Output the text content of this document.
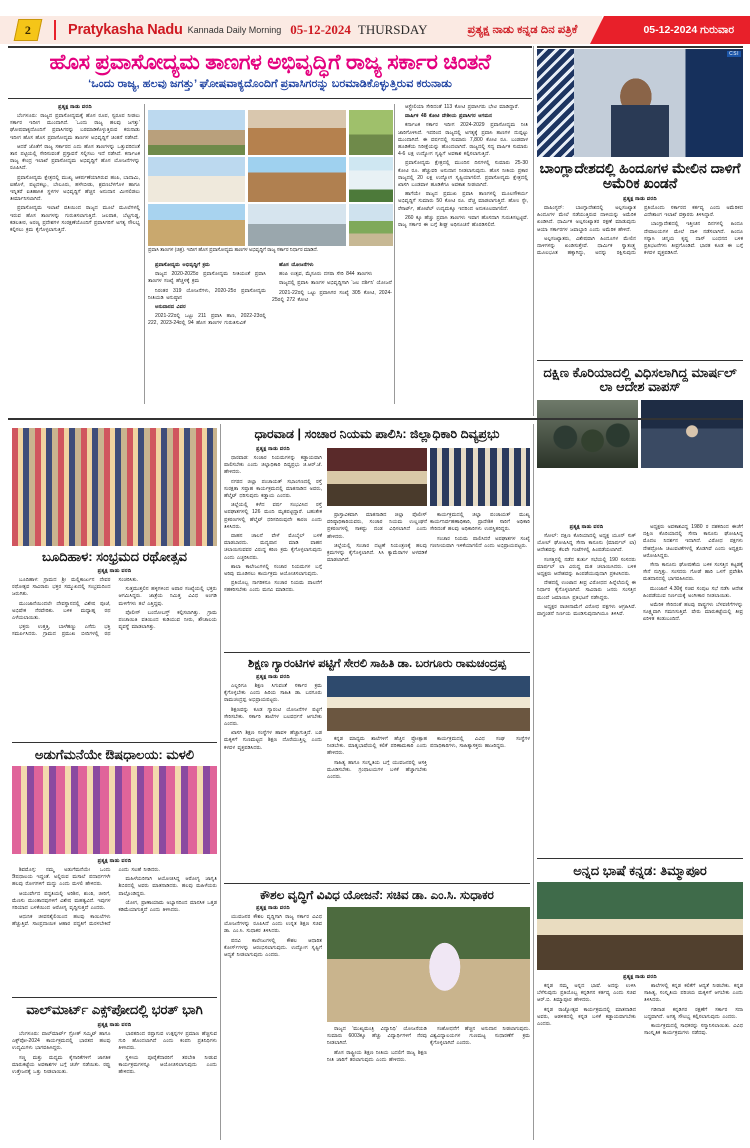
2	Pratykasha Nadu Kannada Daily Morning 05-12-2024 THURSDAY	ಪ್ರತ್ಯಕ್ಷ ನಾಡು ಕನ್ನಡ ದಿನ ಪತ್ರಿಕೆ	05-12-2024 ಗುರುವಾರ
ಹೊಸ ಪ್ರವಾಸೋದ್ಯಮ ತಾಣಗಳ ಅಭಿವೃದ್ಧಿಗೆ ರಾಜ್ಯ ಸರ್ಕಾರ ಚಿಂತನೆ
‘ಒಂದು ರಾಜ್ಯ, ಹಲವು ಜಗತ್ತು’ ಘೋಷವಾಕ್ಯದೊಂದಿಗೆ ಪ್ರವಾಸಿಗರನ್ನು ಬರಮಾಡಿಕೊಳ್ಳುತ್ತಿರುವ ಕರುನಾಡು
ಪ್ರತ್ಯಕ್ಷ ನಾಡು ವರದಿ

ಬೆಂಗಳೂರು: ರಾಜ್ಯದ ಪ್ರವಾಸೋದ್ಯಮಕ್ಕೆ ಹೊಸ ರೂಪ, ಸ್ವರೂಪ ನೀಡಲು ಸರ್ಕಾರ ಇದೀಗ ಮುಂದಾಗಿದೆ. ‘ಒಂದು ರಾಜ್ಯ ಹಲವು ಜಗತ್ತು’ ಘೋಷವಾಕ್ಯದೊಂದಿಗೆ ಪ್ರವಾಸಿಗರನ್ನು ಬರಮಾಡಿಕೊಳ್ಳುತ್ತಿರುವ ಕರುನಾಡು ಇದೀಗ ಹೊಸ ಹೊಸ ಪ್ರವಾಸೋದ್ಯಮ ತಾಣಗಳ ಅಭಿವೃದ್ಧಿಗೆ ಚಿಂತನೆ ನಡೆಸಿದೆ.

ಆದರೆ ಜೊತೆಗೆ ರಾಜ್ಯ ಸರ್ಕಾರದ ಎದು ಹೊಸ ತಾಣಗಳನ್ನು ಒತ್ತುವರಿದಂತೆ ತಾನ ಪಟ್ಟಿಯಲ್ಲಿ ಸೇರಿಸುವಂತೆ ಪ್ರಸ್ತಾವನೆ ಸಲ್ಲಿಸಲು ಇದೆ ನಡೆಸಿದೆ. ಕರ್ನಾಟಕ ರಾಜ್ಯ ಕೇಂದ್ರ ಇಲಾಖೆ ಪ್ರವಾಸೋದ್ಯಮ ಅಭಿವೃದ್ಧಿಗೆ ಹೊಸ ಯೋಜನೆಗಳನ್ನು ರೂಪಿಸಿದೆ.

ಪ್ರವಾಸೋದ್ಯಮ ಕ್ಷೇತ್ರದಲ್ಲಿ ಮುಖ್ಯ ಆಕರ್ಷಣೆಯಾಗಿರುವ ಹಂಪಿ, ಬಾದಾಮಿ, ಐಹೊಳೆ, ಪಟ್ಟದಕಲ್ಲು, ಬೇಲೂರು, ಹಳೇಬೀಡು, ಶ್ರವಣಬೆಳಗೊಳ ಹಾಗೂ ಇನ್ನಿತರೆ ಐತಿಹಾಸಿಕ ಸ್ಥಳಗಳ ಅಭಿವೃದ್ಧಿಗೆ ಹೆಚ್ಚಿನ ಅನುದಾನ ಮೀಸಲಿಡಲು ತೀರ್ಮಾನಿಸಲಾಗಿದೆ.

ಪ್ರವಾಸೋದ್ಯಮ ಇಲಾಖೆ ವತಿಯಿಂದ ರಾಜ್ಯದ ಮೂಲೆ ಮೂಲೆಗಳಲ್ಲಿ ಇರುವ ಹೊಸ ತಾಣಗಳನ್ನು ಗುರುತಿಸಲಾಗುತ್ತಿದೆ. ಜಲಪಾತ, ಬೆಟ್ಟಗುಡ್ಡ, ಕಡಲತೀರ, ಅರಣ್ಯ ಪ್ರದೇಶಗಳ ಸಂರಕ್ಷಣೆಯೊಂದಿಗೆ ಪ್ರವಾಸಿಗರಿಗೆ ಅಗತ್ಯ ಸೌಲಭ್ಯ ಕಲ್ಪಿಸಲು ಕ್ರಮ ಕೈಗೊಳ್ಳಲಾಗುತ್ತಿದೆ.

ಪ್ರವಾಸಿ ತಾಣಗಳ (ಚಿತ್ರ). ಇದೀಗ ಹೊಸ ಪ್ರವಾಸೋದ್ಯಮ ತಾಣಗಳ ಅಭಿವೃದ್ಧಿಗೆ ರಾಜ್ಯ ಸರ್ಕಾರ ನಿರ್ಧಾರ ಮಾಡಿದೆ.

ಪ್ರವಾಸೋದ್ಯಮ ಅಭಿವೃದ್ಧಿಗೆ ಕ್ರಮ

ರಾಜ್ಯದ 2020-2025ರ ಪ್ರವಾಸೋದ್ಯಮ ನೀತಿಯಂತೆ ಪ್ರವಾಸಿ ತಾಣಗಳ ಸಂಖ್ಯೆ ಹೆಚ್ಚಳಕ್ಕೆ ಕ್ರಮ

ನಿರಂತರ 319 ಯೋಜನೆಗಳು, 2020-25ರ ಪ್ರವಾಸೋದ್ಯಮ ನೀತಿಯಡಿ ಅನುಷ್ಠಾನ

ಅನುದಾನದ ವಿವರ

2021-22ರಲ್ಲಿ ಒಟ್ಟು 211 ಪ್ರವಾಸಿ ತಾಣ, 2022-23ರಲ್ಲಿ 222, 2023-24ರಲ್ಲಿ 94 ಹೊಸ ತಾಣಗಳ ಗುರುತಿಸುವಿಕೆ

ಹೊಸ ಯೋಜನೆಗಳು

ಹಂಪಿ ಉತ್ಸವ, ಮೈಸೂರು ದಸರಾ ಸೇರಿ 844 ತಾಣಗಳು

ರಾಜ್ಯದಲ್ಲಿ ಪ್ರವಾಸಿ ತಾಣಗಳ ಅಭಿವೃದ್ಧಿಗಾಗಿ ‘ಜಲ ದರ್ಶಿನಿ’ ಯೋಜನೆ

2021-22ರಲ್ಲಿ ಒಟ್ಟು ಪ್ರವಾಸಿಗರ ಸಂಖ್ಯೆ 305 ಕೋಟಿ, 2024-25ರಲ್ಲಿ 272 ಕೋಟಿ

ಆಸ್ಟ್ರೇಲಿಯಾ ಸೇರಿದಂತೆ 113 ಕೋಟಿ ಪ್ರವಾಸಿಗರು ಭೇಟಿ ಮಾಡಿದ್ದಾರೆ.

ವಾರ್ಷಿಕ 48 ಕೋಟಿ ದೇಶೀಯ ಪ್ರವಾಸಿಗರ ಆಗಮನ

ಕರ್ನಾಟಕ ಸರ್ಕಾರ ಇದೀಗ 2024-2029 ಪ್ರವಾಸೋದ್ಯಮ ನೀತಿ ಜಾರಿಗೊಳಿಸಿದೆ. ಇದರಿಂದ ರಾಜ್ಯದಲ್ಲಿ ಅಗತ್ಯಕ್ಕೆ ಪ್ರವಾಸಿ ತಾಣಗಳ ದುಪ್ಪಟ್ಟು ಮುಂದಾಗಿದೆ. ಈ ವರ್ಷದಲ್ಲಿ ಸುಮಾರು 7,800 ಕೋಟಿ ರೂ. ಬಂಡವಾಳ ಹೂಡಿಕೆಯ ನಿರೀಕ್ಷೆಯನ್ನು ಹೊಂದಲಾಗಿದೆ. ರಾಜ್ಯದಲ್ಲಿ ಸದ್ಯ ವಾರ್ಷಿಕ ಸುಮಾರು 4-6 ಲಕ್ಷ ಉದ್ಯೋಗ ಸೃಷ್ಟಿಗೆ ಅವಕಾಶ ಕಲ್ಪಿಸಲಾಗುತ್ತಿದೆ.

ಪ್ರವಾಸೋದ್ಯಮ ಕ್ಷೇತ್ರದಲ್ಲಿ ಮುಂದಿನ ದಿನಗಳಲ್ಲಿ ಸುಮಾರು 25-30 ಕೋಟಿ ರೂ. ಹೆಚ್ಚುವರಿ ಅನುದಾನ ನೀಡಲಾಗುವುದು. ಹೊಸ ನೀತಿಯ ಪ್ರಕಾರ ರಾಜ್ಯದಲ್ಲಿ 20 ಲಕ್ಷ ಉದ್ಯೋಗ ಸೃಷ್ಟಿಯಾಗಲಿದೆ. ಪ್ರವಾಸೋದ್ಯಮ ಕ್ಷೇತ್ರದಲ್ಲಿ ಖಾಸಗಿ ಬಂಡವಾಳ ಹೂಡಿಕೆಗೂ ಅವಕಾಶ ನೀಡಲಾಗಿದೆ.

ಹಾಗೆಯೇ ರಾಜ್ಯದ ಪ್ರಮುಖ ಪ್ರವಾಸಿ ತಾಣಗಳಲ್ಲಿ ಮೂಲಸೌಕರ್ಯ ಅಭಿವೃದ್ಧಿಗೆ ಸುಮಾರು 50 ಕೋಟಿ ರೂ. ವೆಚ್ಚ ಮಾಡಲಾಗುತ್ತಿದೆ. ಹೋಂ ಸ್ಟೇ, ರೆಸಾರ್ಟ್, ಹೋಟೆಲ್ ಉದ್ಯಮಕ್ಕೂ ಇದರಿಂದ ಅನುಕೂಲವಾಗಲಿದೆ.

260 ಕ್ಕೂ ಹೆಚ್ಚು ಪ್ರವಾಸಿ ತಾಣಗಳು ಇವಾಗ ಹೊಸದಾಗಿ ಗುರುತಿಸಲ್ಪಟ್ಟಿವೆ. ರಾಜ್ಯ ಸರ್ಕಾರ ಈ ಬಗ್ಗೆ ಶೀಘ್ರ ಅಧಿಸೂಚನೆ ಹೊರಡಿಸಲಿದೆ.

CSI
ಬಾಂಗ್ಲಾದೇಶದಲ್ಲಿ ಹಿಂದೂಗಳ ಮೇಲಿನ ದಾಳಿಗೆ ಅಮೆರಿಕ ಖಂಡನೆ
ಪ್ರತ್ಯಕ್ಷ ನಾಡು ವರದಿ

ವಾಷಿಂಗ್ಟನ್: ಬಾಂಗ್ಲಾದೇಶದಲ್ಲಿ ಅಲ್ಪಸಂಖ್ಯಾತ ಹಿಂದೂಗಳ ಮೇಲೆ ನಡೆಯುತ್ತಿರುವ ದಾಳಿಯನ್ನು ಅಮೆರಿಕ ಖಂಡಿಸಿದೆ. ಧಾರ್ಮಿಕ ಅಲ್ಪಸಂಖ್ಯಾತರ ರಕ್ಷಣೆ ಮಾಡುವುದು ಆಯಾ ಸರ್ಕಾರಗಳ ಜವಾಬ್ದಾರಿ ಎಂದು ಅಮೆರಿಕ ಹೇಳಿದೆ.

ಅಲ್ಪಸಂಖ್ಯಾತರು, ವಿಶೇಷವಾಗಿ ಹಿಂದೂಗಳ ಮೇಲಿನ ದಾಳಿಗಳನ್ನು ಖಂಡಿಸುತ್ತೇವೆ. ಧಾರ್ಮಿಕ ಸ್ವಾತಂತ್ರ್ಯ ಮೂಲಭೂತ ಹಕ್ಕಾಗಿದ್ದು, ಅದನ್ನು ರಕ್ಷಿಸುವುದು ಪ್ರತಿಯೊಂದು ಸರ್ಕಾರದ ಕರ್ತವ್ಯ ಎಂದು ಅಮೆರಿಕದ ವಿದೇಶಾಂಗ ಇಲಾಖೆ ವಕ್ತಾರರು ತಿಳಿಸಿದ್ದಾರೆ.

ಬಾಂಗ್ಲಾದೇಶದಲ್ಲಿ ಇತ್ತೀಚಿನ ದಿನಗಳಲ್ಲಿ ಹಿಂದೂ ದೇವಾಲಯಗಳ ಮೇಲೆ ದಾಳಿ ನಡೆಸಲಾಗಿದೆ. ಹಿಂದೂ ಸನ್ಯಾಸಿ ಚಿನ್ಮಯ ಕೃಷ್ಣ ದಾಸ್ ಬಂಧನದ ಬಳಿಕ ಪ್ರತಿಭಟನೆಗಳು ತೀವ್ರಗೊಂಡಿವೆ. ಭಾರತ ಕೂಡ ಈ ಬಗ್ಗೆ ಕಳವಳ ವ್ಯಕ್ತಪಡಿಸಿದೆ.

ದಕ್ಷಿಣ ಕೊರಿಯಾದಲ್ಲಿ ವಿಧಿಸಲಾಗಿದ್ದ ಮಾರ್ಷಲ್ ಲಾ ಆದೇಶ ವಾಪಸ್
ಪ್ರತ್ಯಕ್ಷ ನಾಡು ವರದಿ

ಸೋಲ್: ದಕ್ಷಿಣ ಕೊರಿಯಾದಲ್ಲಿ ಅಧ್ಯಕ್ಷ ಯೂನ್ ಸುಕ್ ಯೋಲ್ ಘೋಷಿಸಿದ್ದ ಸೇನಾ ಕಾನೂನು (ಮಾರ್ಷಲ್ ಲಾ) ಆದೇಶವನ್ನು ಕೆಲವೇ ಗಂಟೆಗಳಲ್ಲಿ ಹಿಂಪಡೆಯಲಾಗಿದೆ.

ಸಂಸತ್ತಿನಲ್ಲಿ ನಡೆದ ತುರ್ತು ಸಭೆಯಲ್ಲಿ 190 ಸಂಸದರು ಮಾರ್ಷಲ್ ಲಾ ವಿರುದ್ಧ ಮತ ಚಲಾಯಿಸಿದರು. ಬಳಿಕ ಅಧ್ಯಕ್ಷರು ಆದೇಶವನ್ನು ಹಿಂಪಡೆಯುವುದಾಗಿ ಪ್ರಕಟಿಸಿದರು.

ದೇಶದಲ್ಲಿ ಉಂಟಾದ ತೀವ್ರ ವಿರೋಧದ ಹಿನ್ನೆಲೆಯಲ್ಲಿ ಈ ನಿರ್ಧಾರ ಕೈಗೊಳ್ಳಲಾಗಿದೆ. ಸಾವಿರಾರು ಜನರು ಸಂಸತ್ತಿನ ಮುಂದೆ ಜಮಾಯಿಸಿ ಪ್ರತಿಭಟನೆ ನಡೆಸಿದ್ದರು.

ಅಧ್ಯಕ್ಷರ ರಾಜೀನಾಮೆಗೆ ವಿರೋಧ ಪಕ್ಷಗಳು ಆಗ್ರಹಿಸಿವೆ. ವಾಗ್ದಂಡನೆ ನಿರ್ಣಯ ಮಂಡಿಸುವುದಾಗಿಯೂ ತಿಳಿಸಿವೆ.

ಅಧ್ಯಕ್ಷರು ಅವಕಾಶವಿದ್ದ 1980 ರ ದಶಕದಿಂದ ಈಚೆಗೆ ದಕ್ಷಿಣ ಕೊರಿಯಾದಲ್ಲಿ ಸೇನಾ ಕಾನೂನು ಘೋಷಿಸಿದ್ದ ಮೊದಲ ನಿದರ್ಶನ ಇದಾಗಿದೆ. ವಿರೋಧ ಪಕ್ಷಗಳು ದೇಶದ್ರೋಹಿ ಚಟುವಟಿಕೆಗಳಲ್ಲಿ ತೊಡಗಿವೆ ಎಂದು ಅಧ್ಯಕ್ಷರು ಆರೋಪಿಸಿದ್ದರು.

ಸೇನಾ ಕಾನೂನು ಘೋಷಣೆಯ ಬಳಿಕ ಸಂಸತ್ತಿನ ಕಟ್ಟಡಕ್ಕೆ ಸೇನೆ ನುಗ್ಗಿತ್ತು. ಸಂಸದರು ಗೋಡೆ ಹಾರಿ ಒಳಗೆ ಪ್ರವೇಶಿಸಿ ಮತದಾನದಲ್ಲಿ ಭಾಗವಹಿಸಿದರು.

ಮುಂಜಾನೆ 4.30ಕ್ಕೆ ಸಚಿವ ಸಂಪುಟ ಸಭೆ ನಡೆಸಿ ಆದೇಶ ಹಿಂಪಡೆಯುವ ನಿರ್ಣಯಕ್ಕೆ ಅಂಗೀಕಾರ ನೀಡಲಾಯಿತು.

ಅಮೆರಿಕ ಸೇರಿದಂತೆ ಹಲವು ರಾಷ್ಟ್ರಗಳು ಬೆಳವಣಿಗೆಗಳನ್ನು ಸೂಕ್ಷ್ಮವಾಗಿ ಗಮನಿಸುತ್ತಿವೆ. ಷೇರು ಮಾರುಕಟ್ಟೆಯಲ್ಲಿ ತೀವ್ರ ಏರಿಳಿತ ಕಂಡುಬಂದಿದೆ.

ಧಾರವಾಡ | ಸಂಚಾರ ನಿಯಮ ಪಾಲಿಸಿ: ಜಿಲ್ಲಾಧಿಕಾರಿ ದಿವ್ಯಪ್ರಭು
ಪ್ರತ್ಯಕ್ಷ ನಾಡು ವರದಿ

ಧಾರವಾಡ: ಸಂಚಾರ ನಿಯಮಗಳನ್ನು ಕಡ್ಡಾಯವಾಗಿ ಪಾಲಿಸಬೇಕು ಎಂದು ಜಿಲ್ಲಾಧಿಕಾರಿ ದಿವ್ಯಪ್ರಭು ಜಿ.ಆರ್.ಜೆ. ಹೇಳಿದರು.

ನಗರದ ಜಿಲ್ಲಾ ಪಂಚಾಯತ್ ಸಭಾಂಗಣದಲ್ಲಿ ರಸ್ತೆ ಸುರಕ್ಷತಾ ಸಪ್ತಾಹ ಕಾರ್ಯಕ್ರಮದಲ್ಲಿ ಮಾತನಾಡಿದ ಅವರು, ಹೆಲ್ಮೆಟ್ ಧರಿಸುವುದು ಕಡ್ಡಾಯ ಎಂದರು.

ಜಿಲ್ಲೆಯಲ್ಲಿ ಕಳೆದ ವರ್ಷ ಸಂಭವಿಸಿದ ರಸ್ತೆ ಅಪಘಾತಗಳಲ್ಲಿ 126 ಮಂದಿ ಮೃತಪಟ್ಟಿದ್ದಾರೆ. ಬಹುತೇಕ ಪ್ರಕರಣಗಳಲ್ಲಿ ಹೆಲ್ಮೆಟ್ ಧರಿಸದಿರುವುದೇ ಕಾರಣ ಎಂದು ತಿಳಿಸಿದರು.

ವಾಹನ ಚಾಲನೆ ವೇಳೆ ಮೊಬೈಲ್ ಬಳಕೆ ಮಾಡಬಾರದು. ಮದ್ಯಪಾನ ಮಾಡಿ ವಾಹನ ಚಲಾಯಿಸುವವರ ವಿರುದ್ಧ ಕಠಿಣ ಕ್ರಮ ಕೈಗೊಳ್ಳಲಾಗುವುದು ಎಂದು ಎಚ್ಚರಿಸಿದರು.

ಶಾಲಾ ಕಾಲೇಜುಗಳಲ್ಲಿ ಸಂಚಾರ ನಿಯಮಗಳ ಬಗ್ಗೆ ಅರಿವು ಮೂಡಿಸಲು ಕಾರ್ಯಕ್ರಮ ಆಯೋಜಿಸಲಾಗುವುದು.

ಪ್ರತಿಯೊಬ್ಬ ನಾಗರಿಕನೂ ಸಂಚಾರ ನಿಯಮ ಪಾಲನೆಗೆ ಸಹಕರಿಸಬೇಕು ಎಂದು ಮನವಿ ಮಾಡಿದರು.

ಪ್ರಾಸ್ತಾವಿಕವಾಗಿ ಮಾತನಾಡಿದ ಜಿಲ್ಲಾ ಪೊಲೀಸ್ ವರಿಷ್ಠಾಧಿಕಾರಿಯವರು, ಸಂಚಾರ ನಿಯಮ ಉಲ್ಲಂಘನೆ ಪ್ರಕರಣಗಳಲ್ಲಿ ಸಾಕಷ್ಟು ದಂಡ ವಿಧಿಸಲಾಗಿದೆ ಎಂದು ಹೇಳಿದರು.

ಜಿಲ್ಲೆಯಲ್ಲಿ ಸಂಚಾರ ದಟ್ಟಣೆ ನಿಯಂತ್ರಣಕ್ಕೆ ಹಲವು ಕ್ರಮಗಳನ್ನು ಕೈಗೊಳ್ಳಲಾಗಿದೆ. ಸಿಸಿ ಕ್ಯಾಮೆರಾಗಳ ಅಳವಡಿಕೆ ಮಾಡಲಾಗಿದೆ.

ಕಾರ್ಯಕ್ರಮದಲ್ಲಿ ಜಿಲ್ಲಾ ಪಂಚಾಯತ್ ಮುಖ್ಯ ಕಾರ್ಯನಿರ್ವಹಣಾಧಿಕಾರಿ, ಪ್ರಾದೇಶಿಕ ಸಾರಿಗೆ ಅಧಿಕಾರಿ ಸೇರಿದಂತೆ ಹಲವು ಅಧಿಕಾರಿಗಳು ಉಪಸ್ಥಿತರಿದ್ದರು.

ಸಂಚಾರ ನಿಯಮ ಪಾಲಿಸಿದರೆ ಅಪಘಾತಗಳ ಸಂಖ್ಯೆ ಗಣನೀಯವಾಗಿ ಇಳಿಕೆಯಾಗಲಿದೆ ಎಂದು ಅಭಿಪ್ರಾಯಪಟ್ಟರು.

ಬೂದಿಹಾಳ: ಸಂಭ್ರಮದ ರಥೋತ್ಸವ
ಪ್ರತ್ಯಕ್ಷ ನಾಡು ವರದಿ

ಬೂದಿಹಾಳ: ಗ್ರಾಮದ ಶ್ರೀ ಮಲ್ಲಿಕಾರ್ಜುನ ದೇವರ ರಥೋತ್ಸವ ಸಾವಿರಾರು ಭಕ್ತರ ಸಮ್ಮುಖದಲ್ಲಿ ಸಂಭ್ರಮದಿಂದ ಜರುಗಿತು.

ಮುಂಜಾನೆಯಿಂದಲೇ ದೇವಸ್ಥಾನದಲ್ಲಿ ವಿಶೇಷ ಪೂಜೆ, ಅಭಿಷೇಕ ನೆರವೇರಿತು. ಬಳಿಕ ಮಧ್ಯಾಹ್ನ ರಥ ಎಳೆಯಲಾಯಿತು.

ಭಕ್ತರು ಉತ್ತತ್ತಿ, ಬಾಳೆಹಣ್ಣು ಎಸೆದು ಭಕ್ತಿ ಸಮರ್ಪಿಸಿದರು. ಗ್ರಾಮದ ಪ್ರಮುಖ ಬೀದಿಗಳಲ್ಲಿ ರಥ ಸಂಚರಿಸಿತು.

ಸುತ್ತಮುತ್ತಲಿನ ಹಳ್ಳಿಗಳಿಂದ ಅಪಾರ ಸಂಖ್ಯೆಯಲ್ಲಿ ಭಕ್ತರು ಆಗಮಿಸಿದ್ದರು. ಜಾತ್ರೆಯ ನಿಮಿತ್ತ ವಿವಿಧ ಅಂಗಡಿ ಮಳಿಗೆಗಳು ತಲೆ ಎತ್ತಿದ್ದವು.

ಪೊಲೀಸ್ ಬಂದೋಬಸ್ತ್ ಕಲ್ಪಿಸಲಾಗಿತ್ತು. ಗ್ರಾಮ ಪಂಚಾಯಿತಿ ವತಿಯಿಂದ ಕುಡಿಯುವ ನೀರು, ಶೌಚಾಲಯ ವ್ಯವಸ್ಥೆ ಮಾಡಲಾಗಿತ್ತು.

ಶಿಕ್ಷಣ ಗ್ಯಾರಂಟಿಗಳ ಪಟ್ಟಿಗೆ ಸೇರಲಿ ಸಾಹಿತಿ ಡಾ. ಬರಗೂರು ರಾಮಚಂದ್ರಪ್ಪ
ಪ್ರತ್ಯಕ್ಷ ನಾಡು ವರದಿ

ಎಲ್ಲರಿಗೂ ಶಿಕ್ಷಣ ಸಿಗುವಂತೆ ಸರ್ಕಾರ ಕ್ರಮ ಕೈಗೊಳ್ಳಬೇಕು ಎಂದು ಹಿರಿಯ ಸಾಹಿತಿ ಡಾ. ಬರಗೂರು ರಾಮಚಂದ್ರಪ್ಪ ಅಭಿಪ್ರಾಯಪಟ್ಟರು.

ಶಿಕ್ಷಣವನ್ನು ಕೂಡ ಗ್ಯಾರಂಟಿ ಯೋಜನೆಗಳ ಪಟ್ಟಿಗೆ ಸೇರಿಸಬೇಕು. ಸರ್ಕಾರಿ ಶಾಲೆಗಳ ಬಲವರ್ಧನೆ ಆಗಬೇಕು ಎಂದರು.

ಖಾಸಗಿ ಶಿಕ್ಷಣ ಸಂಸ್ಥೆಗಳ ಹಾವಳಿ ಹೆಚ್ಚಾಗುತ್ತಿದೆ. ಬಡ ಮಕ್ಕಳಿಗೆ ಗುಣಮಟ್ಟದ ಶಿಕ್ಷಣ ದೊರೆಯುತ್ತಿಲ್ಲ ಎಂದು ಕಳವಳ ವ್ಯಕ್ತಪಡಿಸಿದರು.

ಕನ್ನಡ ಮಾಧ್ಯಮ ಶಾಲೆಗಳಿಗೆ ಹೆಚ್ಚಿನ ಪ್ರೋತ್ಸಾಹ ನೀಡಬೇಕು. ಮಾತೃಭಾಷೆಯಲ್ಲಿ ಕಲಿಕೆ ಪರಿಣಾಮಕಾರಿ ಎಂದು ಹೇಳಿದರು.

ಸಾಹಿತ್ಯ ಹಾಗೂ ಸಂಸ್ಕೃತಿಯ ಬಗ್ಗೆ ಯುವಜನರಲ್ಲಿ ಆಸಕ್ತಿ ಮೂಡಿಸಬೇಕು. ಗ್ರಂಥಾಲಯಗಳ ಬಳಕೆ ಹೆಚ್ಚಾಗಬೇಕು ಎಂದರು.

ಕಾರ್ಯಕ್ರಮದಲ್ಲಿ ವಿವಿಧ ಸಂಘ ಸಂಸ್ಥೆಗಳ ಪದಾಧಿಕಾರಿಗಳು, ಸಾಹಿತ್ಯಾಸಕ್ತರು ಹಾಜರಿದ್ದರು.

ಅಡುಗೆಮನೆಯೇ ಔಷಧಾಲಯ: ಮಳಲಿ
ಪ್ರತ್ಯಕ್ಷ ನಾಡು ವರದಿ

ಶಿವಮೊಗ್ಗ: ನಮ್ಮ ಅಡುಗೆಮನೆಯೇ ಒಂದು ಔಷಧಾಲಯ ಇದ್ದಂತೆ. ಅಲ್ಲಿರುವ ಮಸಾಲೆ ಪದಾರ್ಥಗಳೇ ಹಲವು ರೋಗಗಳಿಗೆ ಮದ್ದು ಎಂದು ಮಳಲಿ ಹೇಳಿದರು.

ಆಯುರ್ವೇದ ಪದ್ಧತಿಯಲ್ಲಿ ಅರಿಶಿನ, ಶುಂಠಿ, ಜೀರಿಗೆ, ಮೆಣಸು ಮುಂತಾದವುಗಳಿಗೆ ವಿಶೇಷ ಮಹತ್ವವಿದೆ. ಇವುಗಳ ಸರಿಯಾದ ಬಳಕೆಯಿಂದ ಆರೋಗ್ಯ ವೃದ್ಧಿಸುತ್ತದೆ ಎಂದರು.

ಆಧುನಿಕ ಜೀವನಶೈಲಿಯಿಂದ ಹಲವು ಕಾಯಿಲೆಗಳು ಹೆಚ್ಚುತ್ತಿವೆ. ಸಾಂಪ್ರದಾಯಿಕ ಆಹಾರ ಪದ್ಧತಿಗೆ ಮರಳಬೇಕಿದೆ ಎಂದು ಸಲಹೆ ನೀಡಿದರು.

ಮಹಿಳೆಯರಿಗಾಗಿ ಆಯೋಜಿಸಿದ್ದ ಆರೋಗ್ಯ ಜಾಗೃತಿ ಶಿಬಿರದಲ್ಲಿ ಅವರು ಮಾತನಾಡಿದರು. ಹಲವು ಮಹಿಳೆಯರು ಪಾಲ್ಗೊಂಡಿದ್ದರು.

ಯೋಗ, ಪ್ರಾಣಾಯಾಮ ಅಭ್ಯಾಸದಿಂದ ಮಾನಸಿಕ ಒತ್ತಡ ಕಡಿಮೆಯಾಗುತ್ತದೆ ಎಂದು ತಿಳಿಸಿದರು.

ಕೌಶಲ ವೃದ್ಧಿಗೆ ವಿವಿಧ ಯೋಜನೆ: ಸಚಿವ ಡಾ. ಎಂ.ಸಿ. ಸುಧಾಕರ
ಪ್ರತ್ಯಕ್ಷ ನಾಡು ವರದಿ

ಯುವಜನರ ಕೌಶಲ ವೃದ್ಧಿಗಾಗಿ ರಾಜ್ಯ ಸರ್ಕಾರ ವಿವಿಧ ಯೋಜನೆಗಳನ್ನು ರೂಪಿಸಿದೆ ಎಂದು ಉನ್ನತ ಶಿಕ್ಷಣ ಸಚಿವ ಡಾ. ಎಂ.ಸಿ. ಸುಧಾಕರ ತಿಳಿಸಿದರು.

ಪದವಿ ಕಾಲೇಜುಗಳಲ್ಲಿ ಕೌಶಲ ಆಧಾರಿತ ಕೋರ್ಸ್‌ಗಳನ್ನು ಆರಂಭಿಸಲಾಗುವುದು. ಉದ್ಯೋಗ ಸೃಷ್ಟಿಗೆ ಆದ್ಯತೆ ನೀಡಲಾಗುವುದು ಎಂದರು.

ರಾಜ್ಯದ 'ಮುಖ್ಯಮಂತ್ರಿ ವಿದ್ಯಾನಿಧಿ' ಯೋಜನೆಯಡಿ ಸುಮಾರು 6003ಕ್ಕೂ ಹೆಚ್ಚು ವಿದ್ಯಾರ್ಥಿಗಳಿಗೆ ನೆರವು ನೀಡಲಾಗಿದೆ.

ಹೊಸ ರಾಷ್ಟ್ರೀಯ ಶಿಕ್ಷಣ ನೀತಿಯ ಬದಲಿಗೆ ರಾಜ್ಯ ಶಿಕ್ಷಣ ನೀತಿ ಜಾರಿಗೆ ತರಲಾಗುವುದು ಎಂದು ಹೇಳಿದರು.

ಸಂಶೋಧನೆಗೆ ಹೆಚ್ಚಿನ ಅನುದಾನ ನೀಡಲಾಗುವುದು. ವಿಶ್ವವಿದ್ಯಾಲಯಗಳ ಗುಣಮಟ್ಟ ಸುಧಾರಣೆಗೆ ಕ್ರಮ ಕೈಗೊಳ್ಳಲಾಗಿದೆ ಎಂದರು.

ವಾಲ್‌ಮಾರ್ಟ್ ಎಕ್ಸ್‌ಪೋದಲ್ಲಿ ಭರತ್ ಭಾಗಿ
ಪ್ರತ್ಯಕ್ಷ ನಾಡು ವರದಿ

ಬೆಂಗಳೂರು: ವಾಲ್‌ಮಾರ್ಟ್ ಗ್ರೋತ್ ಸಮ್ಮಿಟ್ ಹಾಗೂ ಎಕ್ಸ್‌ಪೋ-2024 ಕಾರ್ಯಕ್ರಮದಲ್ಲಿ ಭಾರತದ ಹಲವು ಉದ್ಯಮಿಗಳು ಭಾಗವಹಿಸಿದ್ದರು.

ಸಣ್ಣ ಮತ್ತು ಮಧ್ಯಮ ಕೈಗಾರಿಕೆಗಳಿಗೆ ಜಾಗತಿಕ ಮಾರುಕಟ್ಟೆಯ ಅವಕಾಶಗಳ ಬಗ್ಗೆ ಚರ್ಚೆ ನಡೆಯಿತು. ರಫ್ತು ಉತ್ತೇಜನಕ್ಕೆ ಒತ್ತು ನೀಡಲಾಯಿತು.

ಭಾರತದಿಂದ ರಫ್ತಾಗುವ ಉತ್ಪನ್ನಗಳ ಪ್ರಮಾಣ ಹೆಚ್ಚಿಸುವ ಗುರಿ ಹೊಂದಲಾಗಿದೆ ಎಂದು ಕಂಪನಿ ಪ್ರತಿನಿಧಿಗಳು ತಿಳಿಸಿದರು.

ಸ್ಥಳೀಯ ಪೂರೈಕೆದಾರರಿಗೆ ತರಬೇತಿ ನೀಡುವ ಕಾರ್ಯಕ್ರಮಗಳನ್ನೂ ಆಯೋಜಿಸಲಾಗುವುದು ಎಂದು ಹೇಳಿದರು.

ಅನ್ನದ ಭಾಷೆ ಕನ್ನಡ: ತಿಮ್ಮಾಪೂರ
ಪ್ರತ್ಯಕ್ಷ ನಾಡು ವರದಿ

ಕನ್ನಡ ನಮ್ಮ ಅನ್ನದ ಭಾಷೆ. ಅದನ್ನು ಉಳಿಸಿ ಬೆಳೆಸುವುದು ಪ್ರತಿಯೊಬ್ಬ ಕನ್ನಡಿಗನ ಕರ್ತವ್ಯ ಎಂದು ಸಚಿವ ಆರ್.ಬಿ. ತಿಮ್ಮಾಪೂರ ಹೇಳಿದರು.

ಕನ್ನಡ ರಾಜ್ಯೋತ್ಸವ ಕಾರ್ಯಕ್ರಮದಲ್ಲಿ ಮಾತನಾಡಿದ ಅವರು, ಆಡಳಿತದಲ್ಲಿ ಕನ್ನಡ ಬಳಕೆ ಕಡ್ಡಾಯವಾಗಬೇಕು ಎಂದರು.

ಶಾಲೆಗಳಲ್ಲಿ ಕನ್ನಡ ಕಲಿಕೆಗೆ ಆದ್ಯತೆ ನೀಡಬೇಕು. ಕನ್ನಡ ಸಾಹಿತ್ಯ, ಸಂಸ್ಕೃತಿಯ ಪರಿಚಯ ಮಕ್ಕಳಿಗೆ ಆಗಬೇಕು ಎಂದು ತಿಳಿಸಿದರು.

ಗಡಿನಾಡ ಕನ್ನಡಿಗರ ರಕ್ಷಣೆಗೆ ಸರ್ಕಾರ ಸದಾ ಬದ್ಧವಾಗಿದೆ. ಅಗತ್ಯ ಸೌಲಭ್ಯ ಕಲ್ಪಿಸಲಾಗುವುದು ಎಂದರು.

ಕಾರ್ಯಕ್ರಮದಲ್ಲಿ ಸಾಧಕರನ್ನು ಸನ್ಮಾನಿಸಲಾಯಿತು. ವಿವಿಧ ಸಾಂಸ್ಕೃತಿಕ ಕಾರ್ಯಕ್ರಮಗಳು ನಡೆದವು.
